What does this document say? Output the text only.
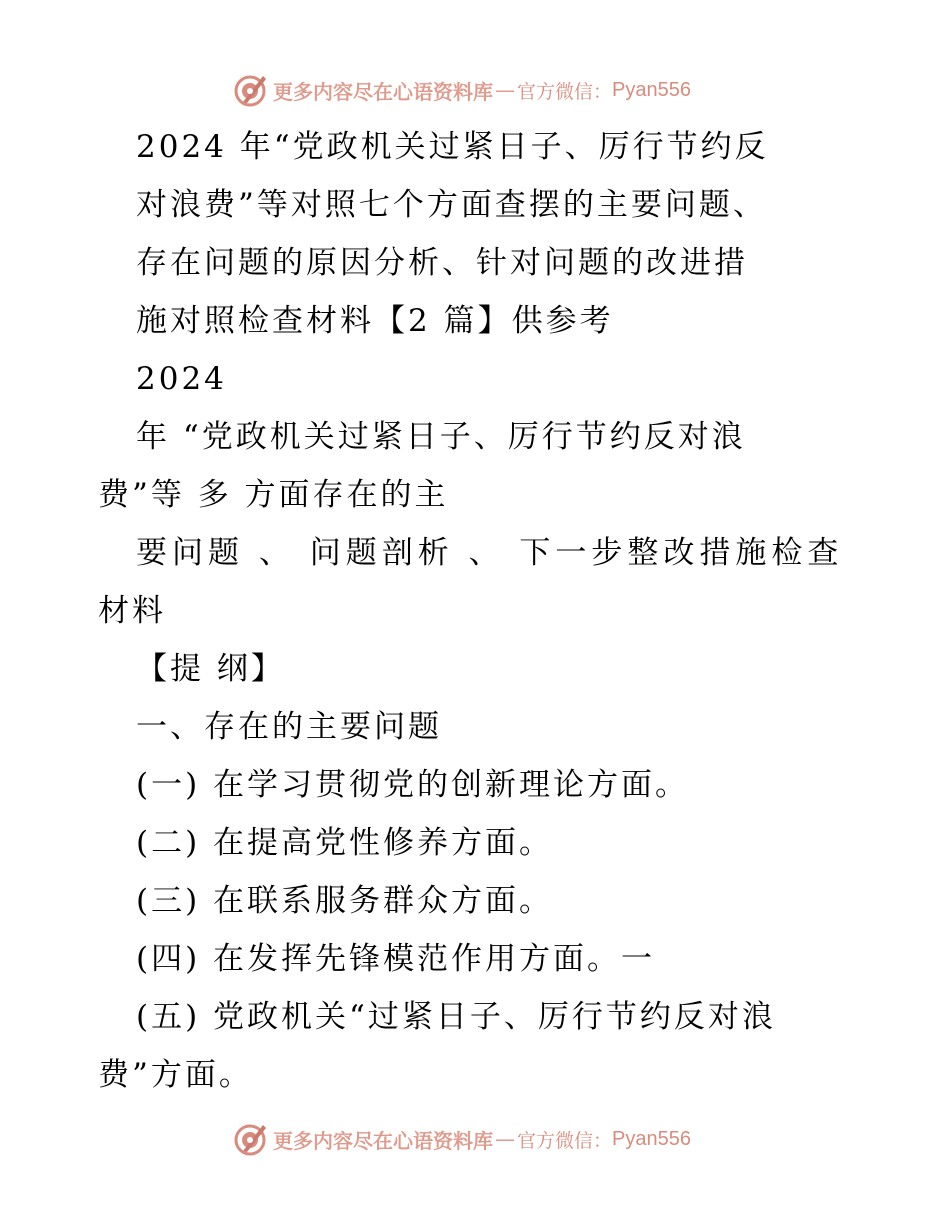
更多内容尽在心语资料库 — 官方微信： Pyan556
2024 年“党政机关过紧日子、厉行节约反
对浪费”等对照七个方面查摆的主要问题、
存在问题的原因分析、针对问题的改进措
施对照检查材料【2 篇】供参考
2024
年 “党政机关过紧日子、厉行节约反对浪
费”等 多 方面存在的主
要问题 、 问题剖析 、 下一步整改措施检查
材料
【提 纲】
一、存在的主要问题
(一) 在学习贯彻党的创新理论方面。
(二) 在提高党性修养方面。
(三) 在联系服务群众方面。
(四) 在发挥先锋模范作用方面。一
(五) 党政机关“过紧日子、厉行节约反对浪
费”方面。
更多内容尽在心语资料库 — 官方微信： Pyan556
